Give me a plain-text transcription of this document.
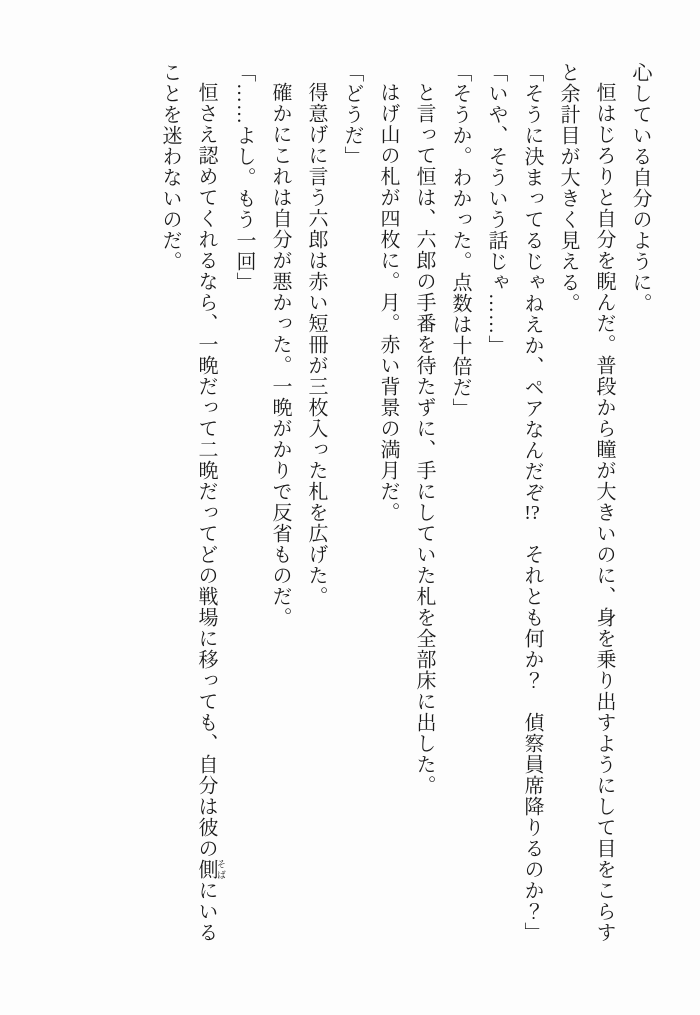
心している自分のように。

恒はじろりと自分を睨んだ。普段から瞳が大きいのに、身を乗り出すようにして目をこらすと余計目が大きく見える。

「そうに決まってるじゃねえか、ペアなんだぞ!?　それとも何か？　偵察員席降りるのか？」

「いや、そういう話じゃ……」

「そうか。わかった。点数は十倍だ」

と言って恒は、六郎の手番を待たずに、手にしていた札を全部床に出した。

はげ山の札が四枚に。月。赤い背景の満月だ。

「どうだ」

得意げに言う六郎は赤い短冊が三枚入った札を広げた。

確かにこれは自分が悪かった。一晩がかりで反省ものだ。

「……よし。もう一回」

恒さえ認めてくれるなら、一晩だって二晩だってどの戦場に移っても、自分は彼の側 そばにいることを迷わないのだ。
